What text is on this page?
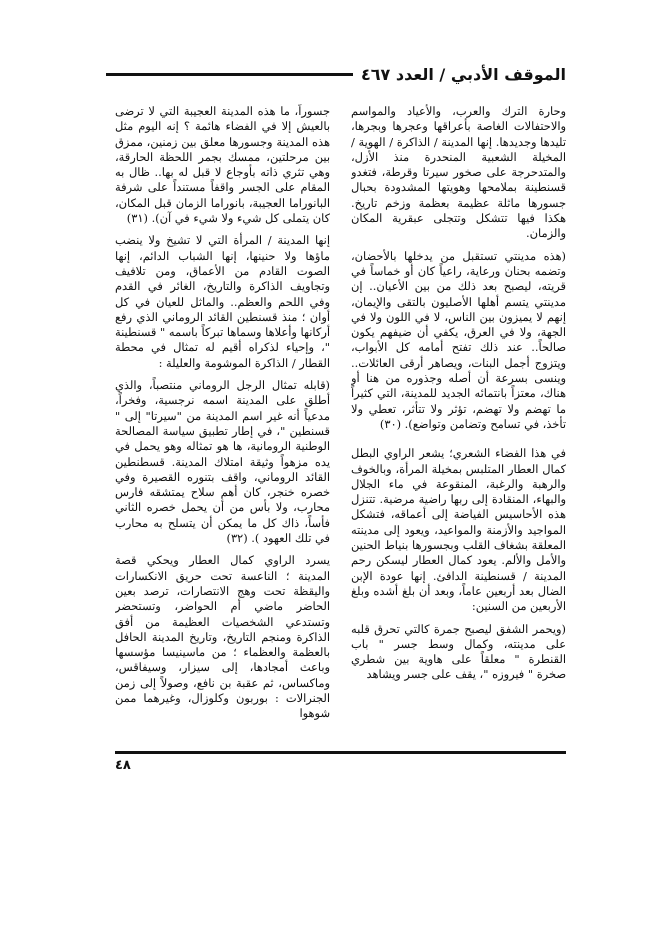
الموقف الأدبي / العدد ٤٦٧

وحارة الترك والعرب، والأعياد والمواسم والاحتفالات الغاصة بأعراقها وعجرها وبجرها، تليدها وجديدها. إنها المدينة / الذاكرة / الهوية / المخيلة الشعبية المنحدرة منذ الأزل، والمتدحرجة على صخور سيرتا وقرطة، فتغدو قسنطينة بملامحها وهويتها المشدودة بحبال جسورها ماثلة عظيمة بعظمة وزخم تاريخ. هكذا فيها تتشكل وتتجلى عبقرية المكان والزمان.

(هذه مدينتي تستقبل من يدخلها بالأحضان، وتضمه بحنان ورعاية، راعياً كان أو خماساً في قريته، ليصبح بعد ذلك من بين الأعيان.. إن مدينتي يتسم أهلها الأصليون بالتقى والإيمان، إنهم لا يميزون بين الناس، لا في اللون ولا في الجهة، ولا في العرق، يكفي أن ضيفهم يكون صالحاً.. عند ذلك تفتح أمامه كل الأبواب، ويتزوج أجمل البنات، ويصاهر أرقى العائلات.. وينسى بسرعة أن أصله وجذوره من هنا أو هناك، معتزاً بانتمائه الجديد للمدينة، التي كثيراً ما تهضم ولا تهضم، تؤثر ولا تتأثر، تعطي ولا تأخذ، في تسامح وتضامن وتواضع). (٣٠)

في هذا الفضاء الشعري؛ يشعر الراوي البطل كمال العطار المتلبس بمخيلة المرأة، وبالخوف والرهبة والرغبة، المنقوعة في ماء الجلال والبهاء، المنقادة إلى ربها راضية مرضية. تتنزل هذه الأحاسيس الفياضة إلى أعماقه، فتشكل المواجيد والأزمنة والمواعيد، ويعود إلى مدينته المعلقة بشغاف القلب وبجسورها بنياط الحنين والأمل والألم. يعود كمال العطار ليسكن رحم المدينة / قسنطينة الدافئ. إنها عودة الإبن الضال بعد أربعين عاماً، وبعد أن بلغ أشده وبلغ الأربعين من السنين:

(ويحمر الشفق ليصبح جمرة كالتي تحرق قلبه على مدينته، وكمال وسط جسر " باب القنطرة " معلقاً على هاوية بين شطري صخرة " فيروزه "، يقف على جسر ويشاهد

جسوراً، ما هذه المدينة العجيبة التي لا ترضى بالعيش إلا في الفضاء هائمة ؟ إنه اليوم مثل هذه المدينة وجسورها معلق بين زمنين، ممزق بين مرحلتين، ممسك بجمر اللحظة الحارقة، وهي تثري ذاته بأوجاع لا قبل له بها.. ظال به المقام على الجسر واقفاً مستنداً على شرفة البانوراما العجيبة، بانوراما الزمان قبل المكان، كان يتملى كل شيء ولا شيء في آن). (٣١)

إنها المدينة / المرأة التي لا تشيخ ولا ينضب ماؤها ولا حنينها، إنها الشباب الدائم، إنها الصوت القادم من الأعماق، ومن تلافيف وتجاويف الذاكرة والتاريخ، الغائر في القدم وفي اللحم والعظم.. والماثل للعيان في كل أوان ؛ منذ قسنطين القائد الروماني الذي رفع أركانها وأعلاها وسماها تبركاً باسمه " قسنطينة "، وإحياء لذكراه أقيم له تمثال في محطة القطار / الذاكرة الموشومة والعليلة :

(قابله تمثال الرجل الروماني منتصباً، والذي أطلق على المدينة اسمه نرجسية، وفخراً، مدعياً أنه غير اسم المدينة من "سيرتا" إلى " قسنطين "، في إطار تطبيق سياسة المصالحة الوطنية الرومانية، ها هو تمثاله وهو يحمل في يده مزهواً وثيقة امتلاك المدينة. قسطنطين القائد الروماني، واقف بتنوره القصيرة وفي خصره خنجر، كان أهم سلاح يمتشقه فارس محارب، ولا بأس من أن يحمل خصره الثاني فأساً، ذاك كل ما يمكن أن يتسلح به محارب في تلك العهود ). (٣٢)

يسرد الراوي كمال العطار ويحكي قصة المدينة ؛ الناعسة تحت حريق الانكسارات واليقظة تحت وهج الانتصارات، ترصد بعين الحاضر ماضي أم الحواضر، وتستحضر وتستدعي الشخصيات العظيمة من أفق الذاكرة ومنجم التاريخ، وتاريخ المدينة الحافل بالعظمة والعظماء ؛ من ماسينيسا مؤسسها وباعث أمجادها، إلى سيزار، وسيفاقس، وماكساس، ثم عقبة بن نافع، وصولاً إلى زمن الجنرالات : بوربون وكلوزال، وغيرهما ممن شوهوا

٤٨
